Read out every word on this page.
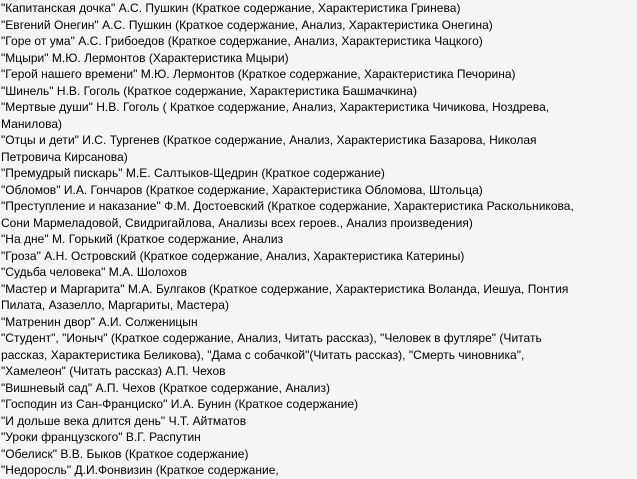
"Капитанская дочка" А.С. Пушкин (Краткое содержание, Характеристика Гринева)
"Евгений Онегин" А.С. Пушкин (Краткое содержание, Анализ, Характеристика Онегина)
"Горе от ума" А.С. Грибоедов (Краткое содержание, Анализ, Характеристика Чацкого)
"Мцыри" М.Ю. Лермонтов (Характеристика Мцыри)
"Герой нашего времени" М.Ю. Лермонтов (Краткое содержание, Характеристика Печорина)
"Шинель" Н.В. Гоголь (Краткое содержание, Характеристика Башмачкина)
"Мертвые души" Н.В. Гоголь ( Краткое содержание, Анализ, Характеристика Чичикова, Ноздрева,
Манилова)
"Отцы и дети" И.С. Тургенев (Краткое содержание, Анализ, Характеристика Базарова, Николая
Петровича Кирсанова)
"Премудрый пискарь" М.Е. Салтыков-Щедрин (Краткое содержание)
"Обломов" И.А. Гончаров (Краткое содержание, Характеристика Обломова, Штольца)
"Преступление и наказание" Ф.М. Достоевский (Краткое содержание, Характеристика Раскольникова,
Сони Мармеладовой, Свидригайлова, Анализы всех героев., Анализ произведения)
"На дне" М. Горький (Краткое содержание, Анализ
"Гроза" А.Н. Островский (Краткое содержание, Анализ, Характеристика Катерины)
"Судьба человека" М.А. Шолохов
"Мастер и Маргарита" М.А. Булгаков (Краткое содержание, Характеристика Воланда, Иешуа, Понтия
Пилата, Азазелло, Маргариты, Мастера)
"Матренин двор" А.И. Солженицын
"Студент", "Ионыч" (Краткое содержание, Анализ, Читать рассказ), "Человек в футляре" (Читать
рассказ, Характеристика Беликова), "Дама с собачкой"(Читать рассказ), "Смерть чиновника",
"Хамелеон" (Читать рассказ) А.П. Чехов
"Вишневый сад" А.П. Чехов (Краткое содержание, Анализ)
"Господин из Сан-Франциско" И.А. Бунин (Краткое содержание)
"И дольше века длится день" Ч.Т. Айтматов
"Уроки французского" В.Г. Распутин
"Обелиск" В.В. Быков (Краткое содержание)
"Недоросль" Д.И.Фонвизин (Краткое содержание,
